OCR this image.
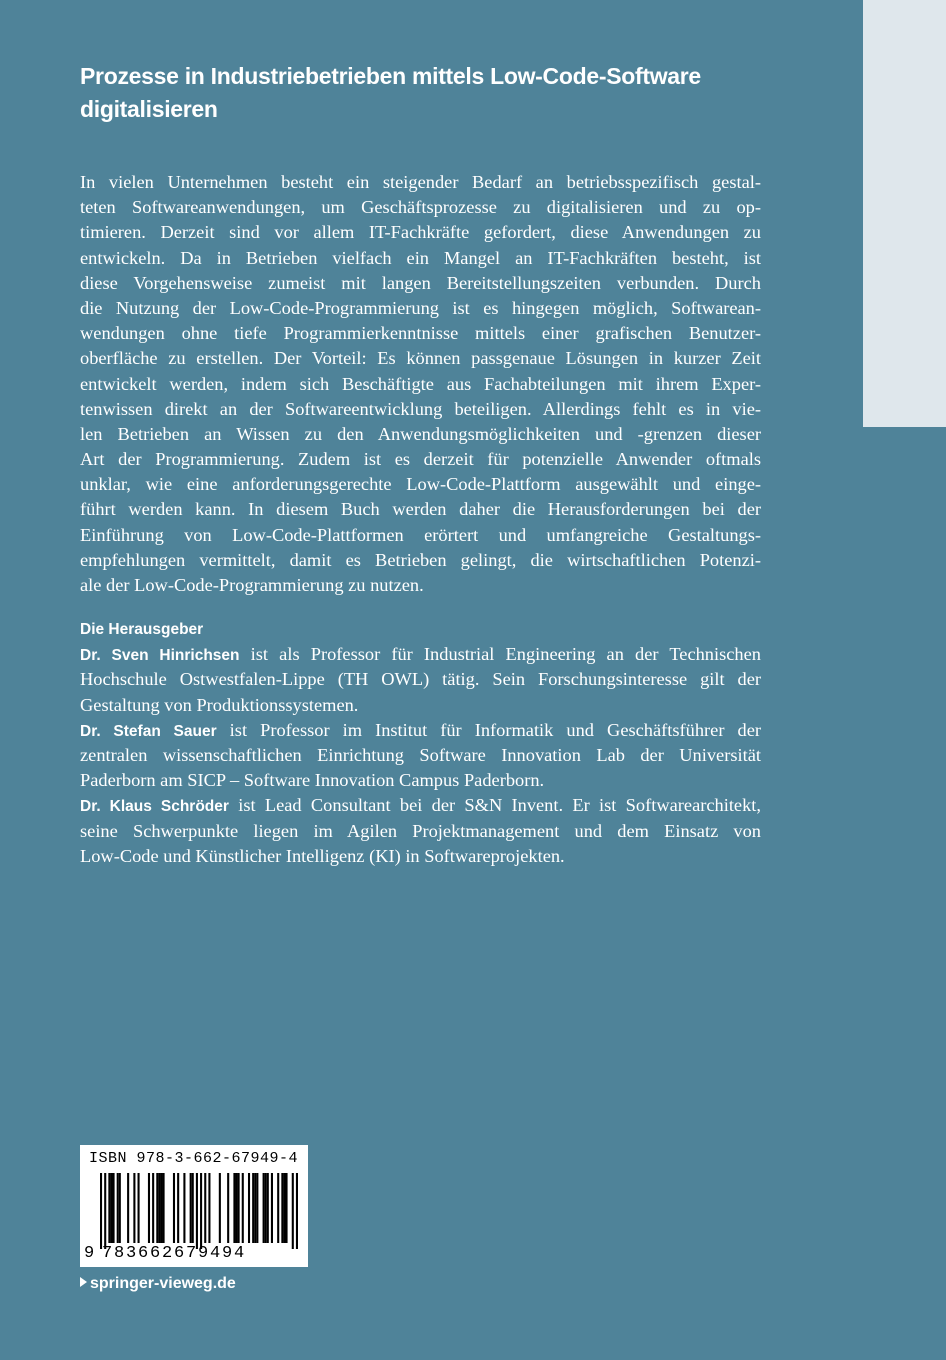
Prozesse in Industriebetrieben mittels Low-Code-Software
digitalisieren
In vielen Unternehmen besteht ein steigender Bedarf an betriebsspezifisch gestal-
teten Softwareanwendungen, um Geschäftsprozesse zu digitalisieren und zu op-
timieren. Derzeit sind vor allem IT-Fachkräfte gefordert, diese Anwendungen zu
entwickeln. Da in Betrieben vielfach ein Mangel an IT-Fachkräften besteht, ist
diese Vorgehensweise zumeist mit langen Bereitstellungszeiten verbunden. Durch
die Nutzung der Low-Code-Programmierung ist es hingegen möglich, Softwarean-
wendungen ohne tiefe Programmierkenntnisse mittels einer grafischen Benutzer-
oberfläche zu erstellen. Der Vorteil: Es können passgenaue Lösungen in kurzer Zeit
entwickelt werden, indem sich Beschäftigte aus Fachabteilungen mit ihrem Exper-
tenwissen direkt an der Softwareentwicklung beteiligen. Allerdings fehlt es in vie-
len Betrieben an Wissen zu den Anwendungsmöglichkeiten und -grenzen dieser
Art der Programmierung. Zudem ist es derzeit für potenzielle Anwender oftmals
unklar, wie eine anforderungsgerechte Low-Code-Plattform ausgewählt und einge-
führt werden kann. In diesem Buch werden daher die Herausforderungen bei der
Einführung von Low-Code-Plattformen erörtert und umfangreiche Gestaltungs-
empfehlungen vermittelt, damit es Betrieben gelingt, die wirtschaftlichen Potenzi-
ale der Low-Code-Programmierung zu nutzen.
Die Herausgeber
Dr. Sven Hinrichsen ist als Professor für Industrial Engineering an der Technischen
Hochschule Ostwestfalen-Lippe (TH OWL) tätig. Sein Forschungsinteresse gilt der
Gestaltung von Produktionssystemen.
Dr. Stefan Sauer ist Professor im Institut für Informatik und Geschäftsführer der
zentralen wissenschaftlichen Einrichtung Software Innovation Lab der Universität
Paderborn am SICP – Software Innovation Campus Paderborn.
Dr. Klaus Schröder ist Lead Consultant bei der S&N Invent. Er ist Softwarearchitekt,
seine Schwerpunkte liegen im Agilen Projektmanagement und dem Einsatz von
Low-Code und Künstlicher Intelligenz (KI) in Softwareprojekten.
ISBN 978-3-662-67949-4
9 783662679494
springer-vieweg.de
